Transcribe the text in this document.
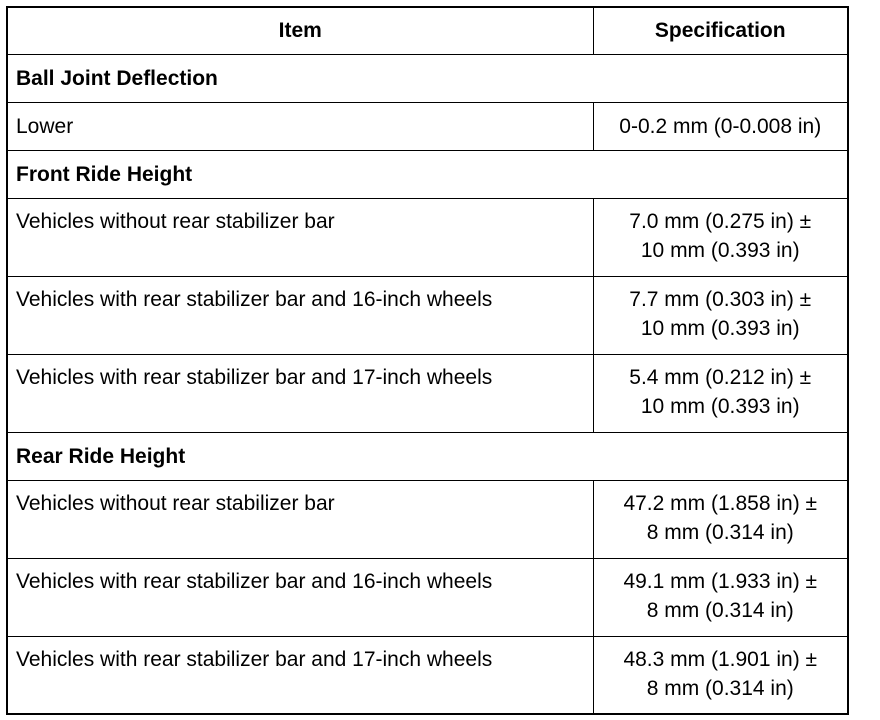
Item	Specification
Ball Joint Deflection	
Lower	0-0.2 mm (0-0.008 in)

Front Ride Height	
Vehicles without rear stabilizer bar	7.0 mm (0.275 in) ±
10 mm (0.393 in)

Vehicles with rear stabilizer bar and 16-inch wheels	7.7 mm (0.303 in) ±
10 mm (0.393 in)

Vehicles with rear stabilizer bar and 17-inch wheels	5.4 mm (0.212 in) ±
10 mm (0.393 in)

Rear Ride Height	
Vehicles without rear stabilizer bar	47.2 mm (1.858 in) ±
8 mm (0.314 in)

Vehicles with rear stabilizer bar and 16-inch wheels	49.1 mm (1.933 in) ±
8 mm (0.314 in)

Vehicles with rear stabilizer bar and 17-inch wheels	48.3 mm (1.901 in) ±
8 mm (0.314 in)
